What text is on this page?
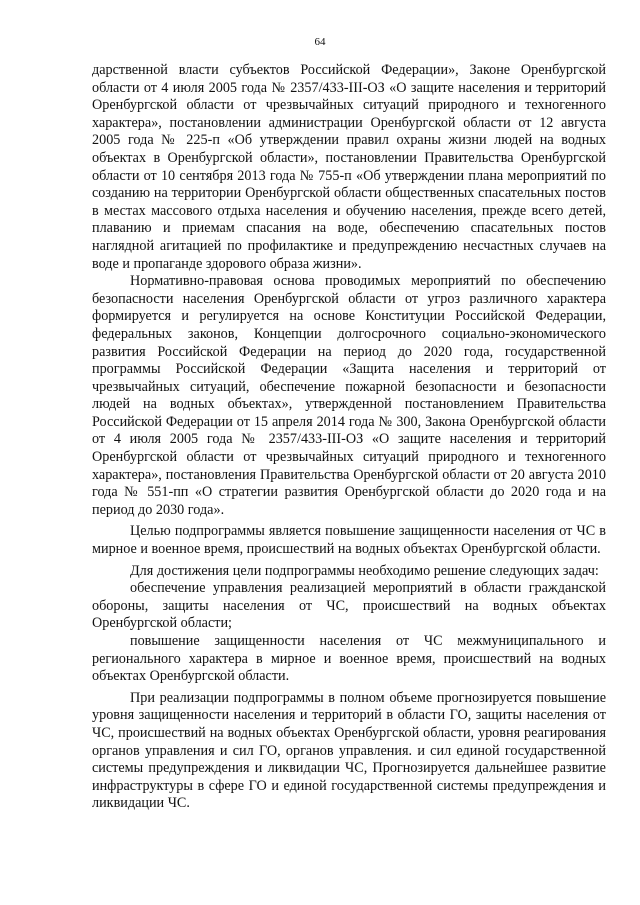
64

дарственной власти субъектов Российской Федерации», Законе Оренбургской области от 4 июля 2005 года № 2357/433-III-ОЗ «О защите населения и территорий Оренбургской области от чрезвычайных ситуаций природного и техногенного характера», постановлении администрации Оренбургской области от 12 августа 2005 года № 225-п «Об утверждении правил охраны жизни людей на водных объектах в Оренбургской области», постановлении Правительства Оренбургской области от 10 сентября 2013 года № 755-п «Об утверждении плана мероприятий по созданию на территории Оренбургской области общественных спасательных постов в местах массового отдыха населения и обучению населения, прежде всего детей, плаванию и приемам спасания на воде, обеспечению спасательных постов наглядной агитацией по профилактике и предупреждению несчастных случаев на воде и пропаганде здорового образа жизни».

Нормативно-правовая основа проводимых мероприятий по обеспечению безопасности населения Оренбургской области от угроз различного характера формируется и регулируется на основе Конституции Российской Федерации, федеральных законов, Концепции долгосрочного социально-экономического развития Российской Федерации на период до 2020 года, государственной программы Российской Федерации «Защита населения и территорий от чрезвычайных ситуаций, обеспечение пожарной безопасности и безопасности людей на водных объектах», утвержденной постановлением Правительства Российской Федерации от 15 апреля 2014 года № 300, Закона Оренбургской области от 4 июля 2005 года № 2357/433-III-ОЗ «О защите населения и территорий Оренбургской области от чрезвычайных ситуаций природного и техногенного характера», постановления Правительства Оренбургской области от 20 августа 2010 года № 551-пп «О стратегии развития Оренбургской области до 2020 года и на период до 2030 года».

Целью подпрограммы является повышение защищенности населения от ЧС в мирное и военное время, происшествий на водных объектах Оренбургской области.

Для достижения цели подпрограммы необходимо решение следующих задач:

обеспечение управления реализацией мероприятий в области гражданской обороны, защиты населения от ЧС, происшествий на водных объектах Оренбургской области;

повышение защищенности населения от ЧС межмуниципального и регионального характера в мирное и военное время, происшествий на водных объектах Оренбургской области.

При реализации подпрограммы в полном объеме прогнозируется повышение уровня защищенности населения и территорий в области ГО, защиты населения от ЧС, происшествий на водных объектах Оренбургской области, уровня реагирования органов управления и сил ГО, органов управления. и сил единой государственной системы предупреждения и ликвидации ЧС, Прогнозируется дальнейшее развитие инфраструктуры в сфере ГО и единой государственной системы предупреждения и ликвидации ЧС.
